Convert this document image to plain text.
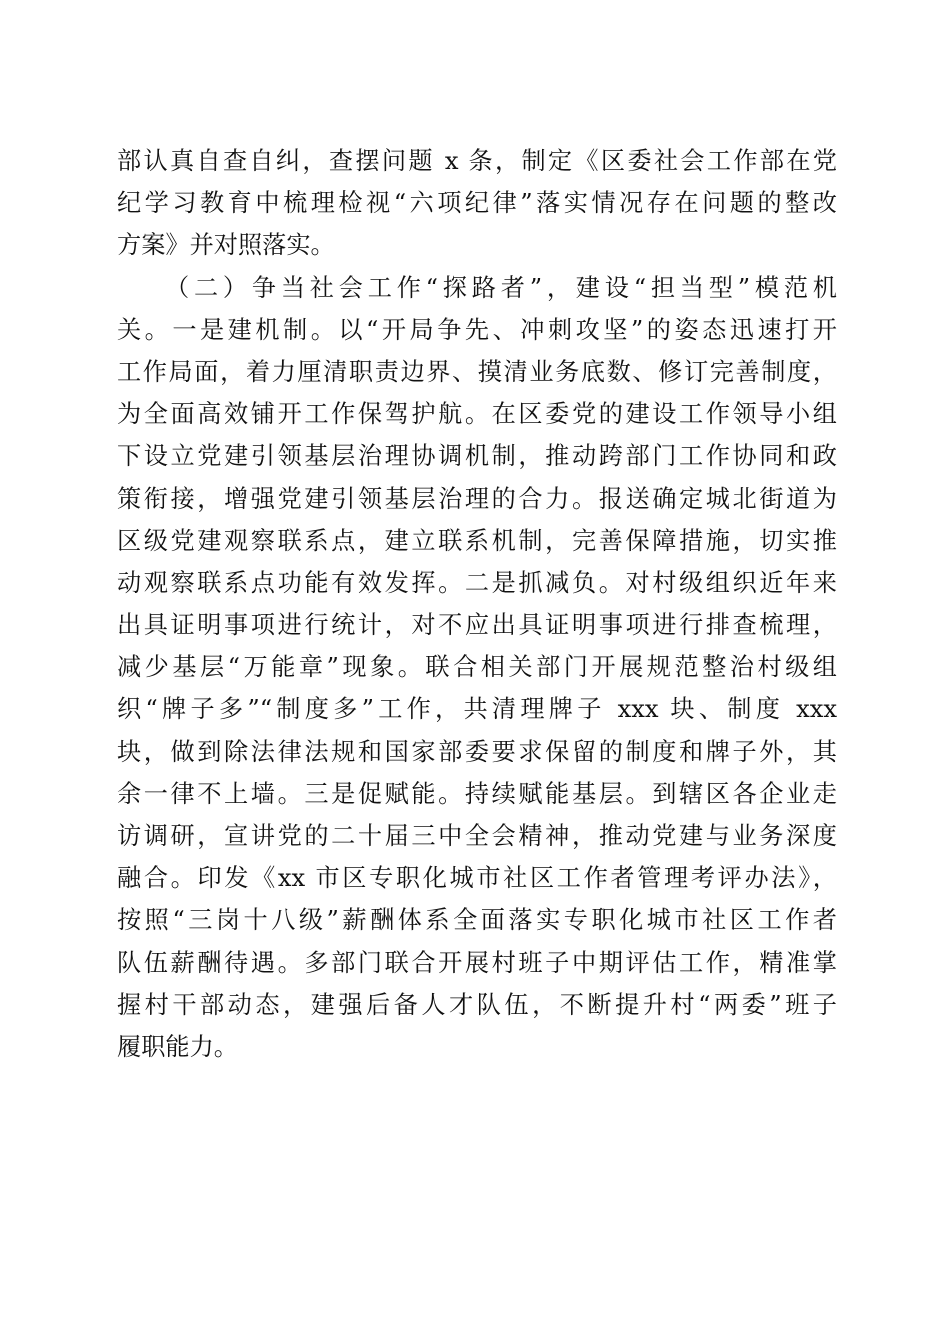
部认真自查自纠，查摆问题 x 条，制定《区委社会工作部在党
纪学习教育中梳理检视“六项纪律”落实情况存在问题的整改
方案》并对照落实。
（二）争当社会工作“探路者”，建设“担当型”模范机
关。一是建机制。以“开局争先、冲刺攻坚”的姿态迅速打开
工作局面，着力厘清职责边界、摸清业务底数、修订完善制度，
为全面高效铺开工作保驾护航。在区委党的建设工作领导小组
下设立党建引领基层治理协调机制，推动跨部门工作协同和政
策衔接，增强党建引领基层治理的合力。报送确定城北街道为
区级党建观察联系点，建立联系机制，完善保障措施，切实推
动观察联系点功能有效发挥。二是抓减负。对村级组织近年来
出具证明事项进行统计，对不应出具证明事项进行排查梳理，
减少基层“万能章”现象。联合相关部门开展规范整治村级组
织“牌子多”“制度多”工作，共清理牌子 xxx 块、制度 xxx
块，做到除法律法规和国家部委要求保留的制度和牌子外，其
余一律不上墙。三是促赋能。持续赋能基层。到辖区各企业走
访调研，宣讲党的二十届三中全会精神，推动党建与业务深度
融合。印发《xx 市区专职化城市社区工作者管理考评办法》，
按照“三岗十八级”薪酬体系全面落实专职化城市社区工作者
队伍薪酬待遇。多部门联合开展村班子中期评估工作，精准掌
握村干部动态，建强后备人才队伍，不断提升村“两委”班子
履职能力。
